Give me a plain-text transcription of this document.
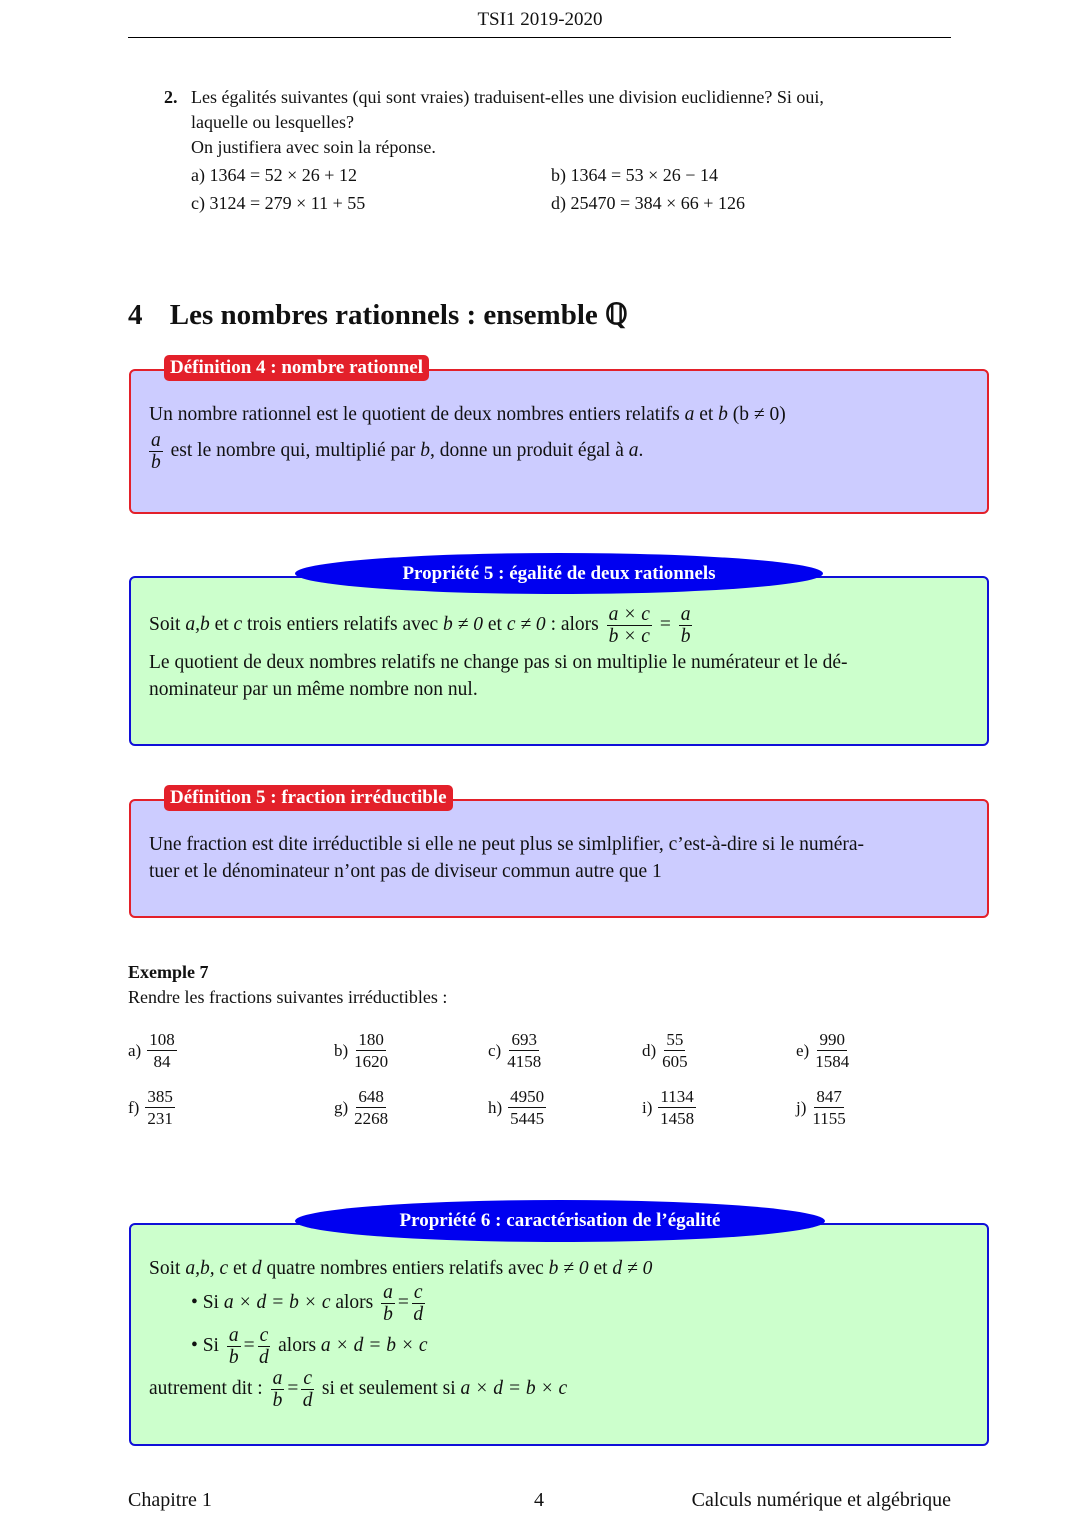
TSI1 2019-2020
2. Les égalités suivantes (qui sont vraies) traduisent-elles une division euclidienne? Si oui,
laquelle ou lesquelles?
On justifiera avec soin la réponse.
a) 1364 = 52 × 26 + 12	b) 1364 = 53 × 26 − 14
c) 3124 = 279 × 11 + 55	d) 25470 = 384 × 66 + 126
4 Les nombres rationnels : ensemble ℚ
Un nombre rationnel est le quotient de deux nombres entiers relatifs a et b (b ≠ 0)
$\frac{a}{b}$ est le nombre qui, multiplié par b, donne un produit égal à a.
Définition 4 : nombre rationnel
Soit a,b et c trois entiers relatifs avec b ≠ 0 et c ≠ 0 : alors $\frac{a \times c}{b \times c} = \frac{a}{b}$
Le quotient de deux nombres relatifs ne change pas si on multiplie le numérateur et le dé-
nominateur par un même nombre non nul.
Propriété 5 : égalité de deux rationnels
Une fraction est dite irréductible si elle ne peut plus se simlplifier, c’est-à-dire si le numéra-
tuer et le dénominateur n’ont pas de diviseur commun autre que 1
Définition 5 : fraction irréductible
Exemple 7
Rendre les fractions suivantes irréductibles :
$a) \frac{108}{84}$	$b) \frac{180}{1620}$	$c) \frac{693}{4158}$	$d) \frac{55}{605}$	$e) \frac{990}{1584}$
$f) \frac{385}{231}$	$g) \frac{648}{2268}$	$h) \frac{4950}{5445}$	$i) \frac{1134}{1458}$	$j) \frac{847}{1155}$
Soit a,b, c et d quatre nombres entiers relatifs avec b ≠ 0 et d ≠ 0
• Si a × d = b × c alors $\frac{a}{b} = \frac{c}{d}$
• Si $\frac{a}{b} = \frac{c}{d}$ alors a × d = b × c
autrement dit : $\frac{a}{b} = \frac{c}{d}$ si et seulement si a × d = b × c
Propriété 6 : caractérisation de l’égalité
Chapitre 1	4	Calculs numérique et algébrique
